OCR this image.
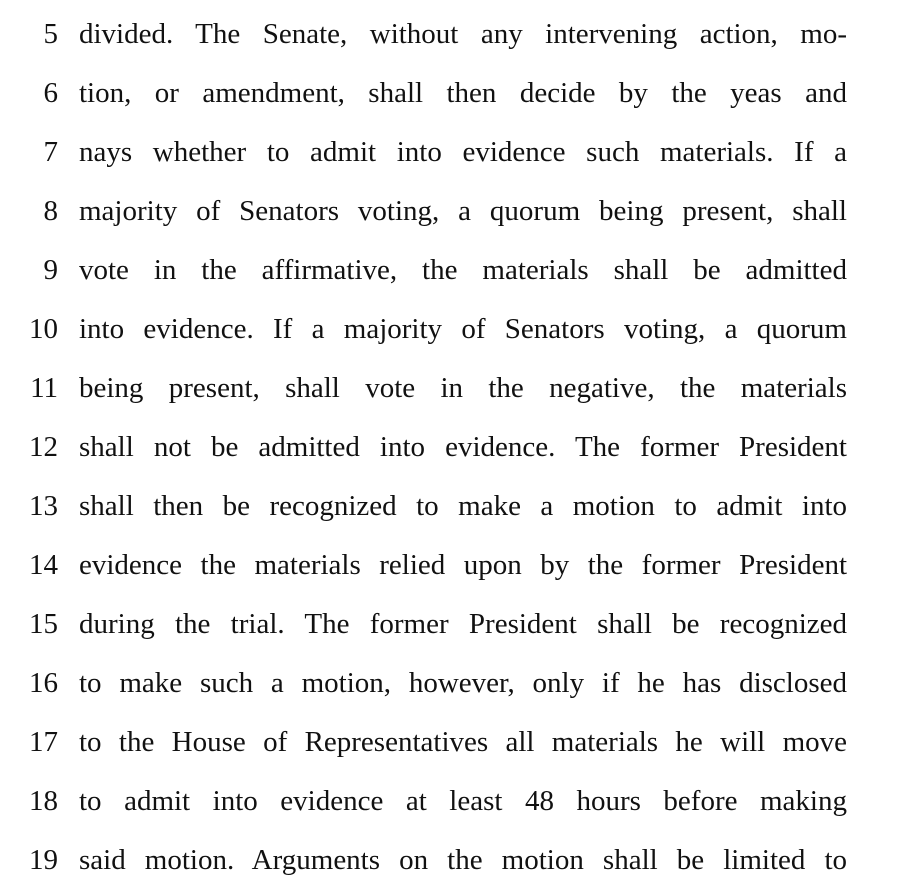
5 divided. The Senate, without any intervening action, mo-
6 tion, or amendment, shall then decide by the yeas and
7 nays whether to admit into evidence such materials. If a
8 majority of Senators voting, a quorum being present, shall
9 vote in the affirmative, the materials shall be admitted
10 into evidence. If a majority of Senators voting, a quorum
11 being present, shall vote in the negative, the materials
12 shall not be admitted into evidence. The former President
13 shall then be recognized to make a motion to admit into
14 evidence the materials relied upon by the former President
15 during the trial. The former President shall be recognized
16 to make such a motion, however, only if he has disclosed
17 to the House of Representatives all materials he will move
18 to admit into evidence at least 48 hours before making
19 said motion. Arguments on the motion shall be limited to
